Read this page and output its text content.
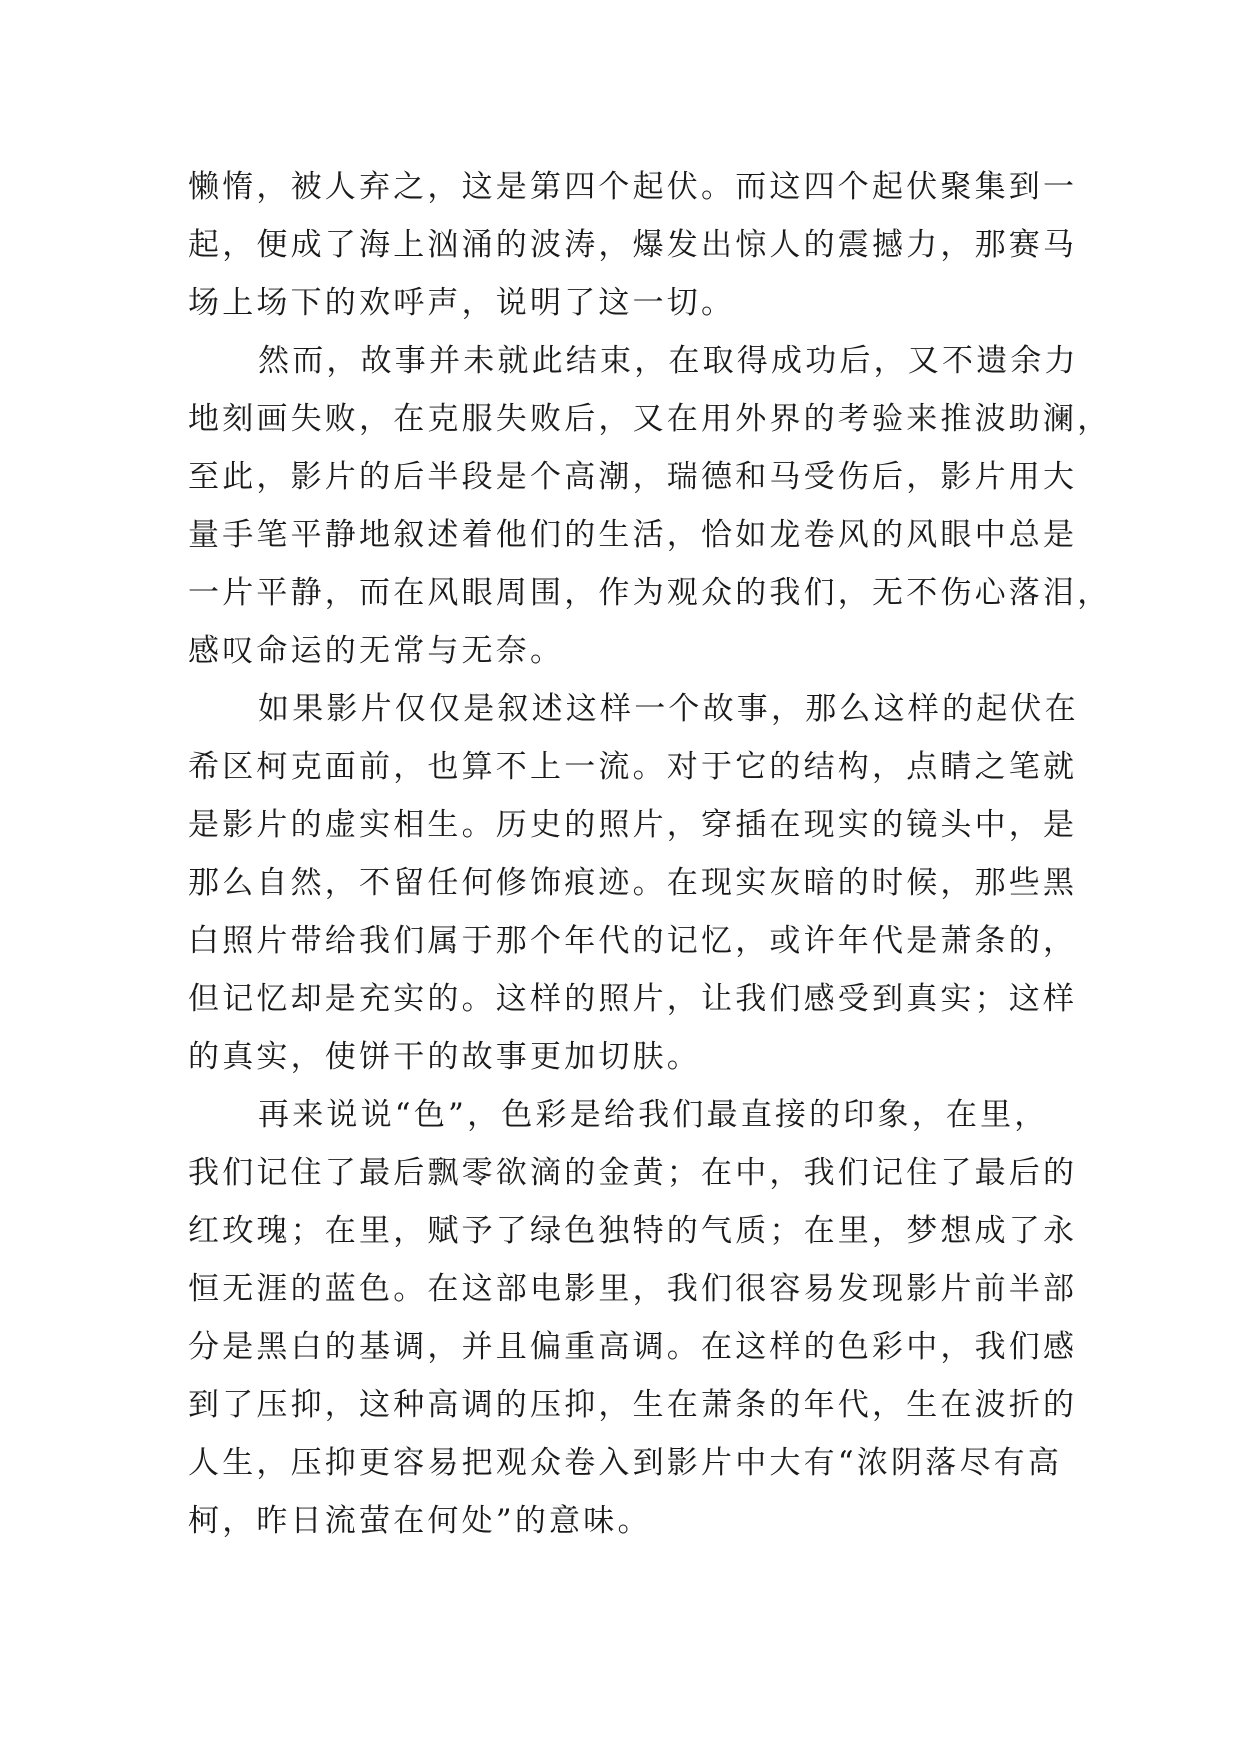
懒惰，被人弃之，这是第四个起伏。而这四个起伏聚集到一
起，便成了海上汹涌的波涛，爆发出惊人的震撼力，那赛马
场上场下的欢呼声，说明了这一切。
然而，故事并未就此结束，在取得成功后，又不遗余力
地刻画失败，在克服失败后，又在用外界的考验来推波助澜，
至此，影片的后半段是个高潮，瑞德和马受伤后，影片用大
量手笔平静地叙述着他们的生活，恰如龙卷风的风眼中总是
一片平静，而在风眼周围，作为观众的我们，无不伤心落泪，
感叹命运的无常与无奈。
如果影片仅仅是叙述这样一个故事，那么这样的起伏在
希区柯克面前，也算不上一流。对于它的结构，点睛之笔就
是影片的虚实相生。历史的照片，穿插在现实的镜头中，是
那么自然，不留任何修饰痕迹。在现实灰暗的时候，那些黑
白照片带给我们属于那个年代的记忆，或许年代是萧条的，
但记忆却是充实的。这样的照片，让我们感受到真实；这样
的真实，使饼干的故事更加切肤。
再来说说“色”，色彩是给我们最直接的印象，在里，
我们记住了最后飘零欲滴的金黄；在中，我们记住了最后的
红玫瑰；在里，赋予了绿色独特的气质；在里，梦想成了永
恒无涯的蓝色。在这部电影里，我们很容易发现影片前半部
分是黑白的基调，并且偏重高调。在这样的色彩中，我们感
到了压抑，这种高调的压抑，生在萧条的年代，生在波折的
人生，压抑更容易把观众卷入到影片中大有“浓阴落尽有高
柯，昨日流萤在何处”的意味。
